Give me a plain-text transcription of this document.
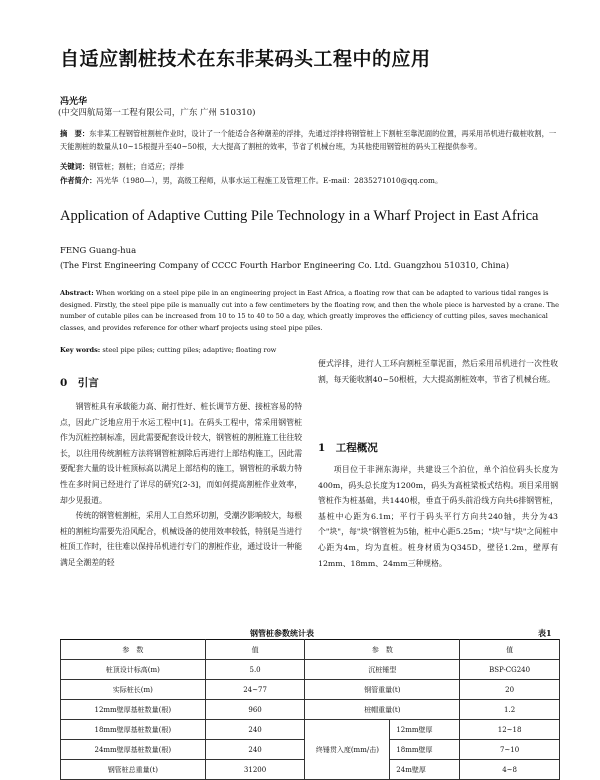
自适应割桩技术在东非某码头工程中的应用
冯光华
(中交四航局第一工程有限公司，广东 广州 510310)
摘　要：东非某工程钢管桩割桩作业时，设计了一个能适合各种潮差的浮排，先通过浮排将钢管桩上下割桩至靠泥面的位置，再采用吊机进行截桩收割，一天能割桩的数量从10~15根提升至40~50根，大大提高了割桩的效率，节省了机械台班，为其他使用钢管桩的码头工程提供参考。
关键词：钢管桩；割桩；自适应；浮排
作者简介：冯光华（1980—），男，高级工程师，从事水运工程施工及管理工作。E-mail：2835271010@qq.com。
Application of Adaptive Cutting Pile Technology in a Wharf Project in East Africa
FENG Guang-hua
(The First Engineering Company of CCCC Fourth Harbor Engineering Co. Ltd. Guangzhou 510310, China)
Abstract: When working on a steel pipe pile in an engineering project in East Africa, a floating row that can be adapted to various tidal ranges is designed. Firstly, the steel pipe pile is manually cut into a few centimeters by the floating row, and then the whole piece is harvested by a crane. The number of cutable piles can be increased from 10 to 15 to 40 to 50 a day, which greatly improves the efficiency of cutting piles, saves mechanical classes, and provides reference for other wharf projects using steel pipe piles.
Key words: steel pipe piles; cutting piles; adaptive; floating row
便式浮排，进行人工环向割桩至靠泥面，然后采用吊机进行一次性收割，每天能收割40~50根桩，大大提高割桩效率，节省了机械台班。
0　引言

钢管桩具有承载能力高、耐打性好、桩长调节方便、接桩容易的特点，因此广泛地应用于水运工程中[1]。在码头工程中，常采用钢管桩作为沉桩控制标准，因此需要配套设计较大，钢管桩的割桩施工往往较长，以往用传统割桩方法将钢管桩割除后再进行上部结构施工，因此需要配套大量的设计桩顶标高以满足上部结构的施工，钢管桩的承载力特性在多时间已经进行了详尽的研究[2-3]，而如何提高割桩作业效率，却少见报道。

传统的钢管桩割桩，采用人工自然环切割，受潮汐影响较大，每根桩的割桩均需要先沿风配合，机械设备的使用效率较低，特别是当进行桩顶工作时，往往难以保持吊机进行专门的割桩作业，通过设计一种能满足全潮差的轻

1　工程概况

项目位于非洲东海岸，共建设三个泊位，单个泊位码头长度为400m，码头总长度为1200m，码头为高桩梁板式结构。项目采用钢管桩作为桩基础，共1440根，垂直于码头前沿线方向共6排钢管桩，基桩中心距为6.1m；平行于码头平行方向共240轴，共分为43个"块"，每"块"钢管桩为5轴，桩中心距5.25m；"块"与"块"之间桩中心距为4m，均为直桩。桩身材质为Q345D，壁径1.2m，壁厚有12mm、18mm、24mm三种规格。

钢管桩参数统计表	表1
参　数	值	参　数		值
桩顶设计标高(m)	5.0	沉桩锤型		BSP-CG240
实际桩长(m)	24~77	钢管重量(t)		20
12mm壁厚基桩数量(根)	960	桩帽重量(t)		1.2
18mm壁厚基桩数量(根)	240	终锤贯入度(mm/击)	12mm壁厚	12~18
24mm壁厚基桩数量(根)	240		18mm壁厚	7~10
钢管桩总重量(t)	31200		24m壁厚	4~8
